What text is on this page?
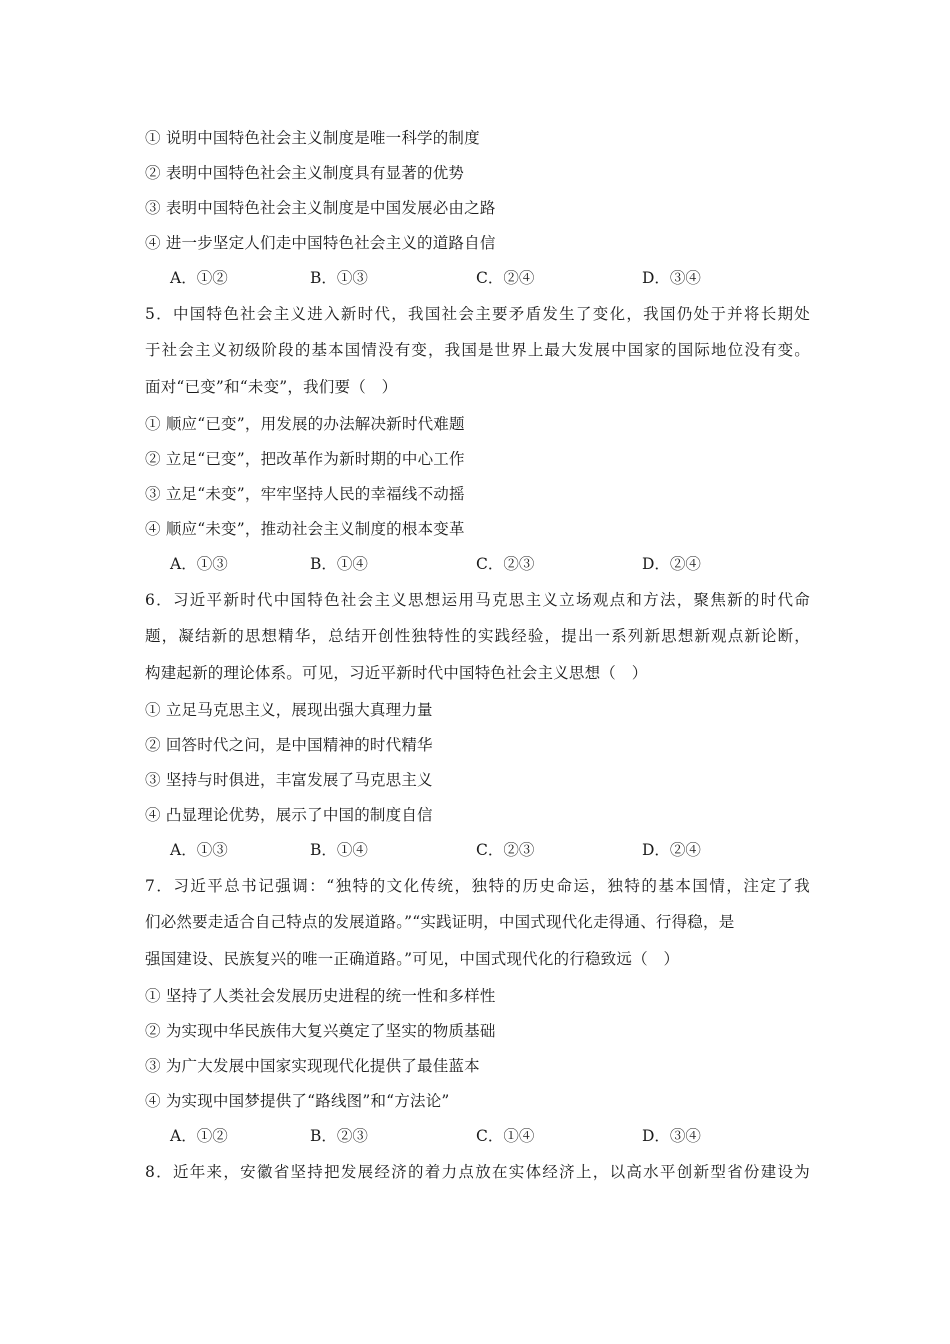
① 说明中国特色社会主义制度是唯一科学的制度
② 表明中国特色社会主义制度具有显著的优势
③ 表明中国特色社会主义制度是中国发展必由之路
④ 进一步坚定人们走中国特色社会主义的道路自信
A．①②	B．①③	C．②④	D．③④
5．中国特色社会主义进入新时代，我国社会主要矛盾发生了变化，我国仍处于并将长期处
于社会主义初级阶段的基本国情没有变，我国是世界上最大发展中国家的国际地位没有变。
面对“已变”和“未变”，我们要（　）
① 顺应“已变”，用发展的办法解决新时代难题
② 立足“已变”，把改革作为新时期的中心工作
③ 立足“未变”，牢牢坚持人民的幸福线不动摇
④ 顺应“未变”，推动社会主义制度的根本变革
A．①③	B．①④	C．②③	D．②④
6．习近平新时代中国特色社会主义思想运用马克思主义立场观点和方法，聚焦新的时代命
题，凝结新的思想精华，总结开创性独特性的实践经验，提出一系列新思想新观点新论断，
构建起新的理论体系。可见，习近平新时代中国特色社会主义思想（　）
① 立足马克思主义，展现出强大真理力量
② 回答时代之问，是中国精神的时代精华
③ 坚持与时俱进，丰富发展了马克思主义
④ 凸显理论优势，展示了中国的制度自信
A．①③	B．①④	C．②③	D．②④
7．习近平总书记强调：“独特的文化传统，独特的历史命运，独特的基本国情，注定了我
们必然要走适合自己特点的发展道路。”“实践证明，中国式现代化走得通、行得稳，是
强国建设、民族复兴的唯一正确道路。”可见，中国式现代化的行稳致远（　）
① 坚持了人类社会发展历史进程的统一性和多样性
② 为实现中华民族伟大复兴奠定了坚实的物质基础
③ 为广大发展中国家实现现代化提供了最佳蓝本
④ 为实现中国梦提供了“路线图”和“方法论”
A．①②	B．②③	C．①④	D．③④
8．近年来，安徽省坚持把发展经济的着力点放在实体经济上，以高水平创新型省份建设为
